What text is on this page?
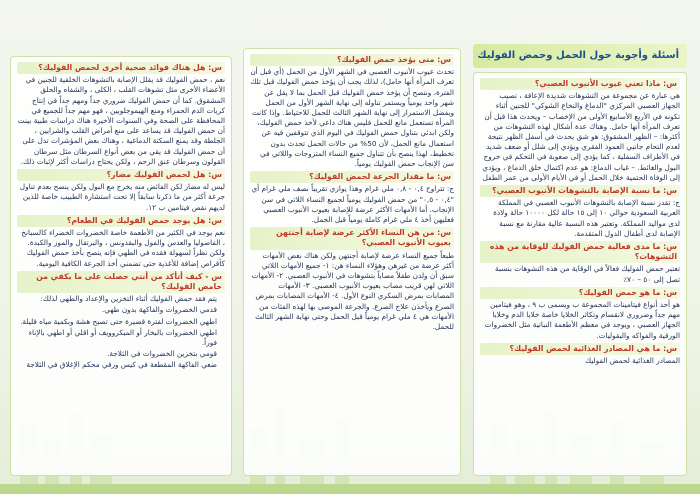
أسئلة وأجوبة حول الحمل وحمض الفوليك
س: ماذا تعني عيوب الأنبوب العصبي؟

هي عبارة عن مجموعة من التشوهات شديدة الإعاقة ، تصيب الجهاز العصبي المركزي "الدماغ والنخاع الشوكي" للجنين أثناء تكونه في الأربع الأسابيع الأولى من الإخصاب – ويحدث هذا قبل أن تعرف المرأة أنها حامل. وهناك عدة أشكال لهذه التشوهات من أكثرها: – الظهر المشقوق: هو شق يحدث في أسفل الظهر نتيجة لعدم التحام جانبي العمود الفقري ويؤدي إلى شلل أو ضعف شديد في الأطراف السفلية ، كما يؤدي إلى صعوبة في التحكم في خروج البول والغائط. – غياب الدماغ: هو عدم اكتمال خلق الدماغ ، ويؤدي إلى الوفاة الحتمية خلال الحمل أو في الأيام الأولى من عمر الطفل

س: ما نسبة الإصابة بالتشوهات الأنبوب العصبي؟

ج: تقدر نسبة الإصابة بالتشوهات الأنبوب العصبي في المملكة العربية السعودية حوالي ١٠ إلى ١٥ حالة لكل ١٠٠٠٠ حالة ولادة لدى مواليد المملكة. وتعتبر هذه النسبة عالية مقارنة مع نسبة الإصابة لدى أطفال الدول المتقدمة.

س: ما مدى فعالية حمض الفوليك للوقاية من هذه التشوهات؟

تعتبر حمض الفوليك فعالاً في الوقاية من هذه التشوهات بنسبة تصل إلى ٥٠ – ٧٠٪

س: ما هو حمض الفوليك؟

هو أحد أنواع فيتامينات المجموعة ب ويسمى ب ٩ ، وهو فيتامين مهم جداً وضروري لانقسام وتكاثر الخلايا خاصة خلايا الدم وخلايا الجهاز العصبي ، ويوجد في معظم الأطعمة النباتية مثل الخضروات الورقية والفواكه والبقوليات.

س: ما هي المصادر الغذائية لحمض الفوليك؟

المصادر الغذائية لحمض الفوليك

س: متى يؤخذ حمض الفوليك؟

تحدث عيوب الأنبوب العصبي في الشهر الأول من الحمل (أي قبل أن تعرف المرأة أنها حامل)، لذلك يجب أن يؤخذ حمض الفوليك قبل تلك الفترة، وننصح أن يؤخذ حمض الفوليك قبل الحمل بما لا يقل عن شهر واحد يومياً ويستمر تناوله إلى نهاية الشهر الأول من الحمل ويفضل الاستمرار إلى نهاية الشهر الثالث للحمل للاحتياط. وإذا كانت المرأة تستعمل مانع للحمل فليس هناك داعي لأخذ حمض الفوليك، ولكن ابدئي بتناول حمض الفوليك في اليوم الذي تتوقفين فيه عن استعمال مانع الحمل، لأن 50% من حالات الحمل تحدث بدون تخطيط، لهذا ينصح بأن تتناول جميع النساء المتزوجات واللاتي في سن الإنجاب حمض الفوليك يومياً.

س: ما مقدار الجرعة لحمض الفوليك؟

ج: تتراوح ٠,٤ - ٠,٨ ملي غرام وهذا يوازي تقريباً نصف ملي غرام أي "٠,٤ - ٠,٥" من حمض الفوليك يومياً لجميع النساء اللاتي في سن الإنجاب. أما الأمهات الأكثر عرضة للإصابة بعيوب الأنبوب العصبي فعليهن أخذ ٤ ملي غرام كاملة يومياً قبل الحمل.

س: من هن النساء الأكثر عرضة لإصابة أجنتهن بعيوب الأنبوب العصبي؟

طبعاً جميع النساء عرضة لإصابة أجنتهن ولكن هناك بعض الأمهات أكثر عرضة من غيرهن وهؤلاء النساء هن: ١- جميع الأمهات اللاتي سبق أن ولدن طفلاً مصاباً بتشوهات في الأنبوب العصبي. ٢- الأمهات اللاتي لهن قريب مصاب بعيوب الأنبوب العصبي. ٣- الأمهات المصابات بمرض السكري النوع الأول. ٤- الأمهات المصابات بمرض الصرع ويأخذن علاج الصرع. والجرعة الموصى بها لهذه الفئات من الأمهات هي ٤ ملي غرام يومياً قبل الحمل وحتى نهاية الشهر الثالث للحمل.

س: هل هناك فوائد صحية أخرى لحمض الفوليك؟

نعم ، حمض الفوليك قد يقلل الإصابة بالتشوهات الخلقية للجنين في الأعضاء الأخرى مثل تشوهات القلب ، الكلى ، والشفاه والحلق المشقوق. كما أن حمض الفوليك ضروري جداً ومهم جداً في إنتاج كريات الدم الحمراء ومنع الهيموجلوبين ، فهو مهم جداً للجميع في المحافظة على الصحة وفي السنوات الأخيرة هناك دراسات طبية بينت أن حمض الفوليك قد يساعد على منع أمراض القلب والشرايين ، الجلطة وقد يمنع السكتة الدماغية ، وهناك بعض المؤشرات تدل على أن حمض الفوليك قد يقي من بعض أنواع السرطان مثل سرطان القولون وسرطان عنق الرحم ، ولكن يحتاج دراسات أكثر لإثبات ذلك.

س: هل لحمض الفوليك مضار؟

ليس له مضار لكن الفائض منه يخرج مع البول ولكن ينصح بعدم تناول جرعة أكثر من ما ذكرنا سابقاً إلا تحت استشارة الطبيب خاصة للذين لديهم نقص فيتامين ب ١٢.

س: هل يوجد حمض الفوليك في الطعام؟

نعم يوجد في الكثير من الأطعمة خاصة الخضروات الخضراء كالسبانخ ، الفاصوليا والعدس والفول والبقدونس ، والبرتقال والموز والكبدة. ولكن نظراً لسهولة فقده في الطهي فإنه ينصح بأخذ حمض الفوليك كأقراص إضافة للأغذية حتى تضمني أخذ الجرعة الكافية اليومية.

س - كيف أتأكد من أنني حصلت على ما يكفي من حامض الفوليك؟
يتم فقد حمض الفوليك أثناء التخزين والإعداد والطهي لذلك:
قدمي الخضروات والفاكهة بدون طهي.
اطهي الخضروات لفترة قصيرة حتى تصبح هشة وبكمية مياه قليلة.
اطهي الخضروات بالبخار أو الميكروويف أو اقلي أو اطهي بالإناء فوراً.
قومي بتخزين الخضروات في الثلاجة.
ضعي الفاكهة المقطعة في كيس ورقي محكم الإغلاق في الثلاجة
